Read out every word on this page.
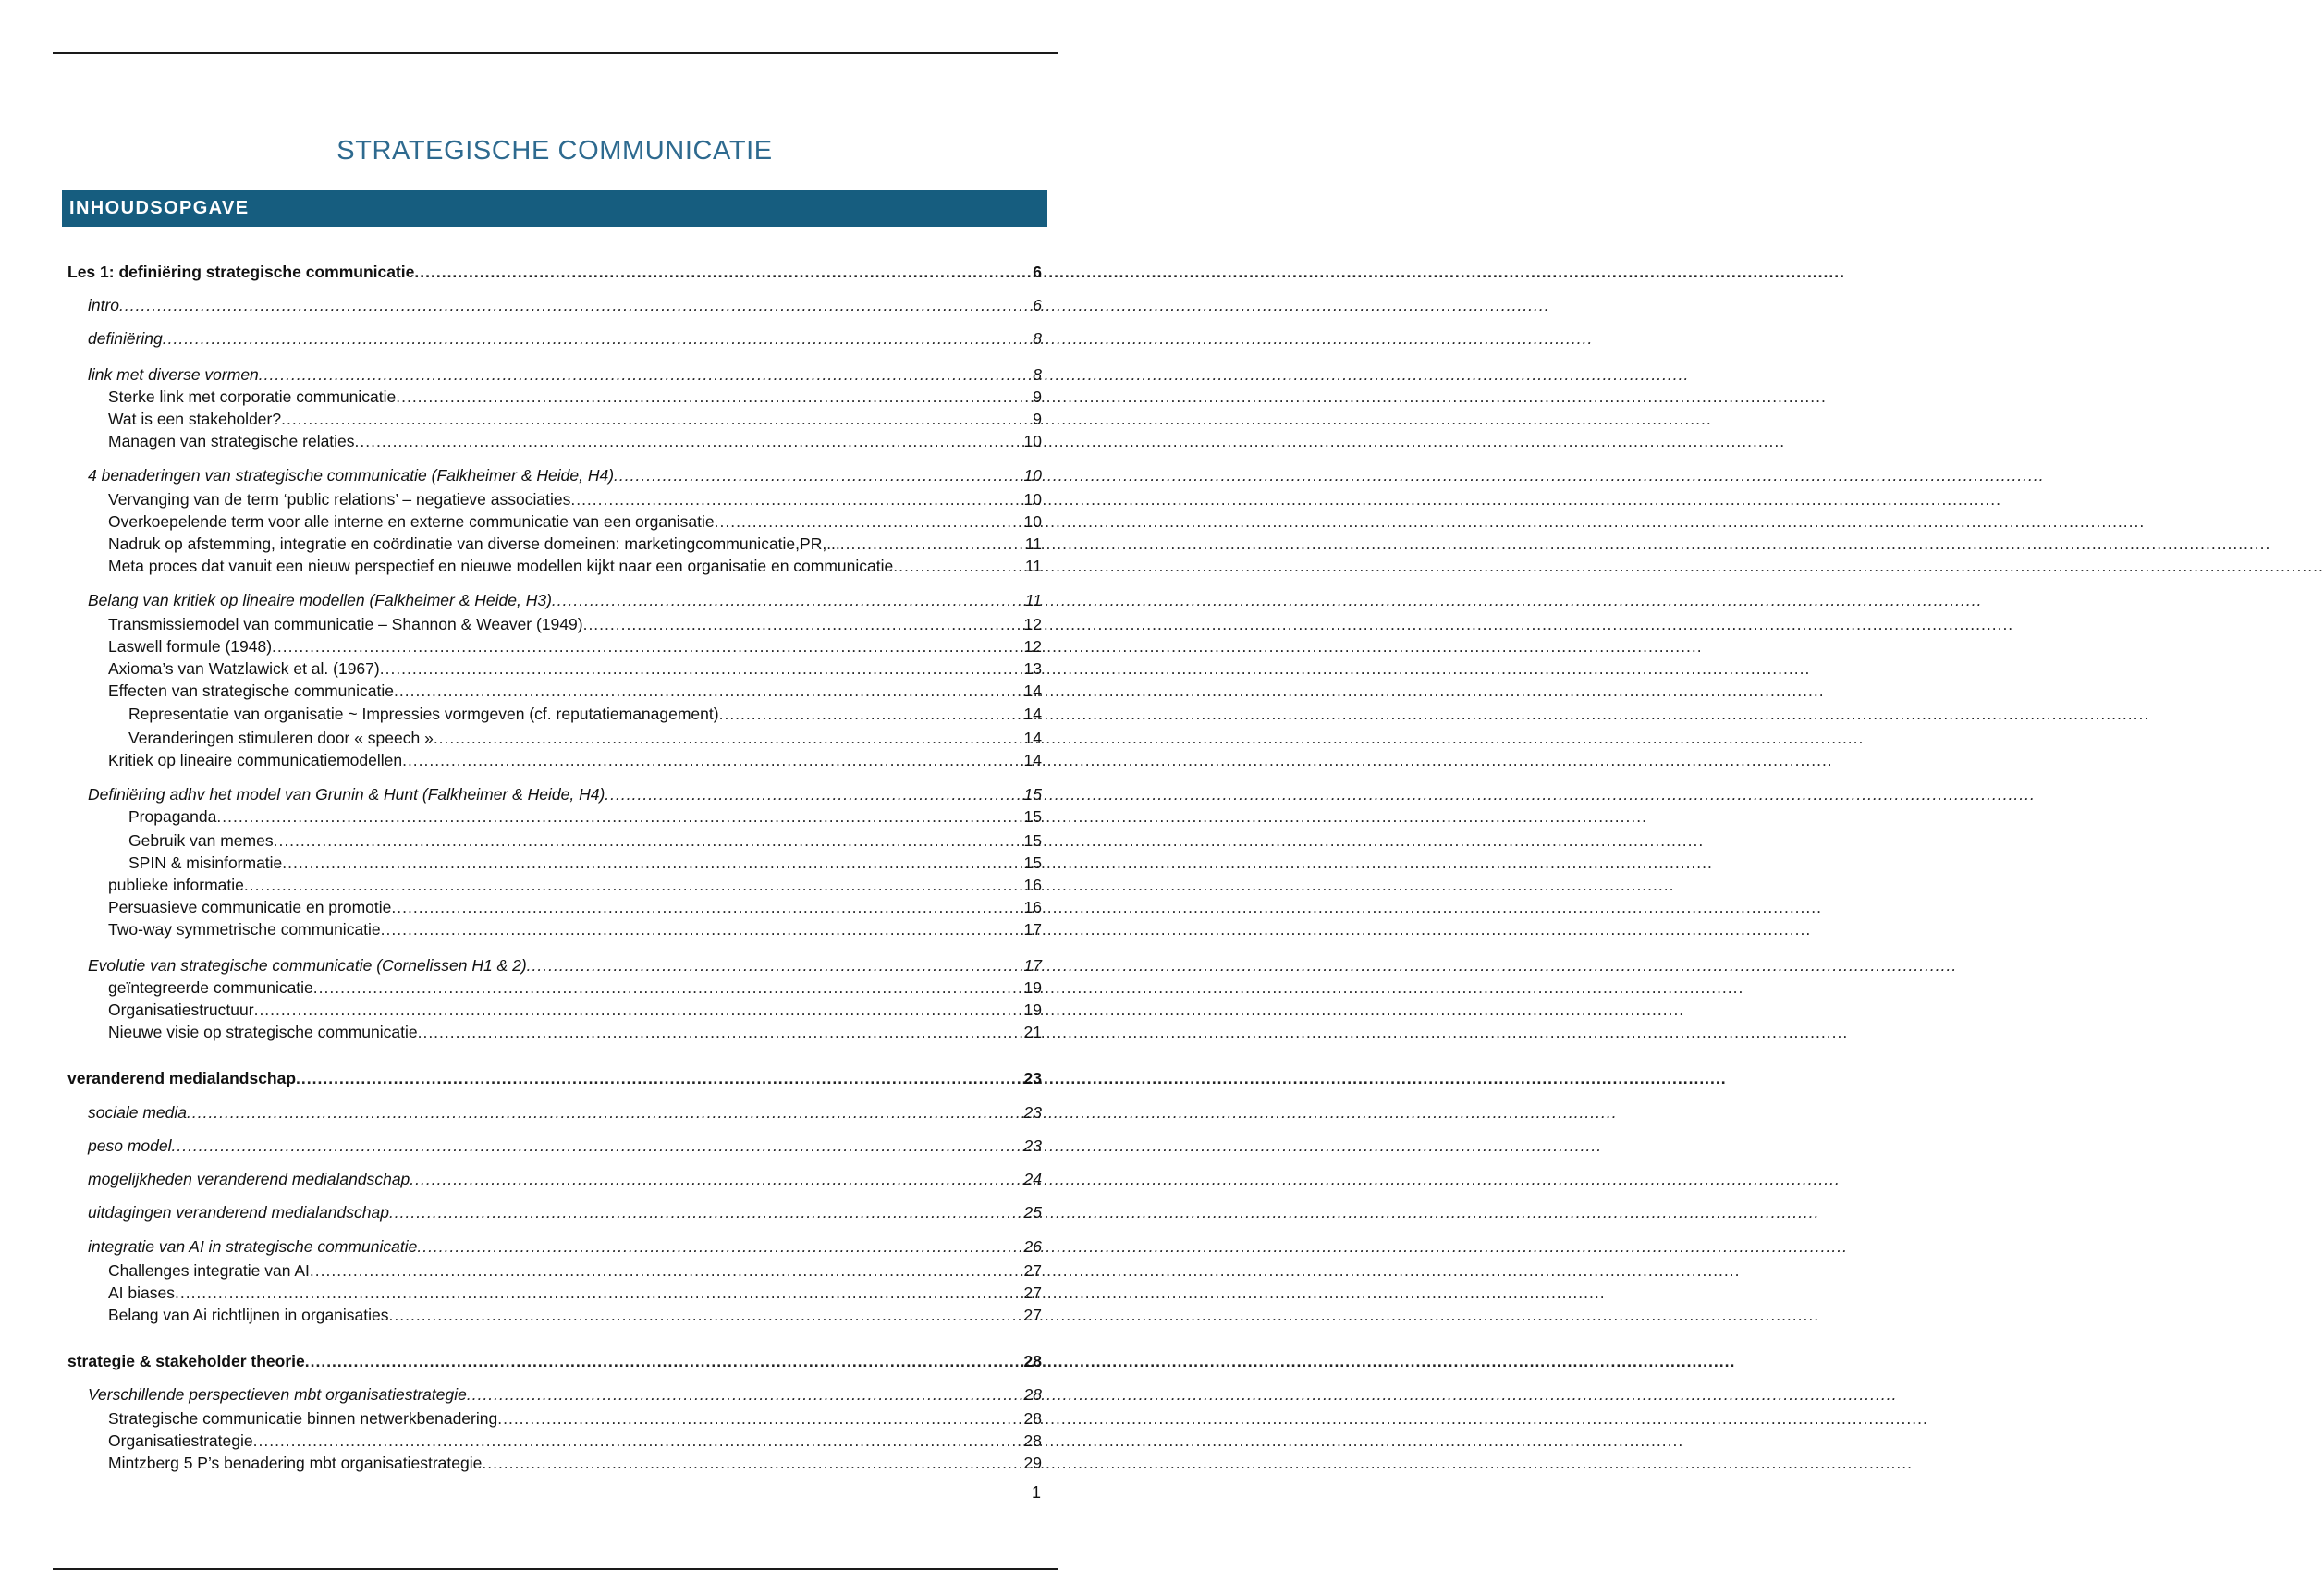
STRATEGISCHE COMMUNICATIE
INHOUDSOPGAVE
Les 1: definiëring strategische communicatie .....	6
intro .....	6
definiëring .....	8
link met diverse vormen .....	8
Sterke link met corporatie communicatie .....	9
Wat is een stakeholder? .....	9
Managen van strategische relaties .....	10
4 benaderingen van strategische communicatie (Falkheimer & Heide, H4) .....	10
Vervanging van de term ‘public relations’ – negatieve associaties .....	10
Overkoepelende term voor alle interne en externe communicatie van een organisatie .....	10
Nadruk op afstemming, integratie en coördinatie van diverse domeinen: marketingcommunicatie,PR,... .....	11
Meta proces dat vanuit een nieuw perspectief en nieuwe modellen kijkt naar een organisatie en communicatie .....	11
Belang van kritiek op lineaire modellen (Falkheimer & Heide, H3) .....	11
Transmissiemodel van communicatie – Shannon & Weaver (1949) .....	12
Laswell formule (1948) .....	12
Axioma’s van Watzlawick et al. (1967) .....	13
Effecten van strategische communicatie .....	14
Representatie van organisatie ~ Impressies vormgeven (cf. reputatiemanagement) .....	14
Veranderingen stimuleren door « speech » .....	14
Kritiek op lineaire communicatiemodellen .....	14
Definiëring adhv het model van Grunin & Hunt (Falkheimer & Heide, H4) .....	15
Propaganda .....	15
Gebruik van memes .....	15
SPIN & misinformatie .....	15
publieke informatie .....	16
Persuasieve communicatie en promotie .....	16
Two-way symmetrische communicatie .....	17
Evolutie van strategische communicatie (Cornelissen H1 & 2) .....	17
geïntegreerde communicatie .....	19
Organisatiestructuur .....	19
Nieuwe visie op strategische communicatie .....	21
veranderend medialandschap .....	23
sociale media .....	23
peso model .....	23
mogelijkheden veranderend medialandschap .....	24
uitdagingen veranderend medialandschap .....	25
integratie van AI in strategische communicatie .....	26
Challenges integratie van AI .....	27
AI biases .....	27
Belang van Ai richtlijnen in organisaties .....	27
strategie & stakeholder theorie .....	28
Verschillende perspectieven mbt organisatiestrategie .....	28
Strategische communicatie binnen netwerkbenadering .....	28
Organisatiestrategie .....	28
Mintzberg 5 P’s benadering mbt organisatiestrategie .....	29
1
